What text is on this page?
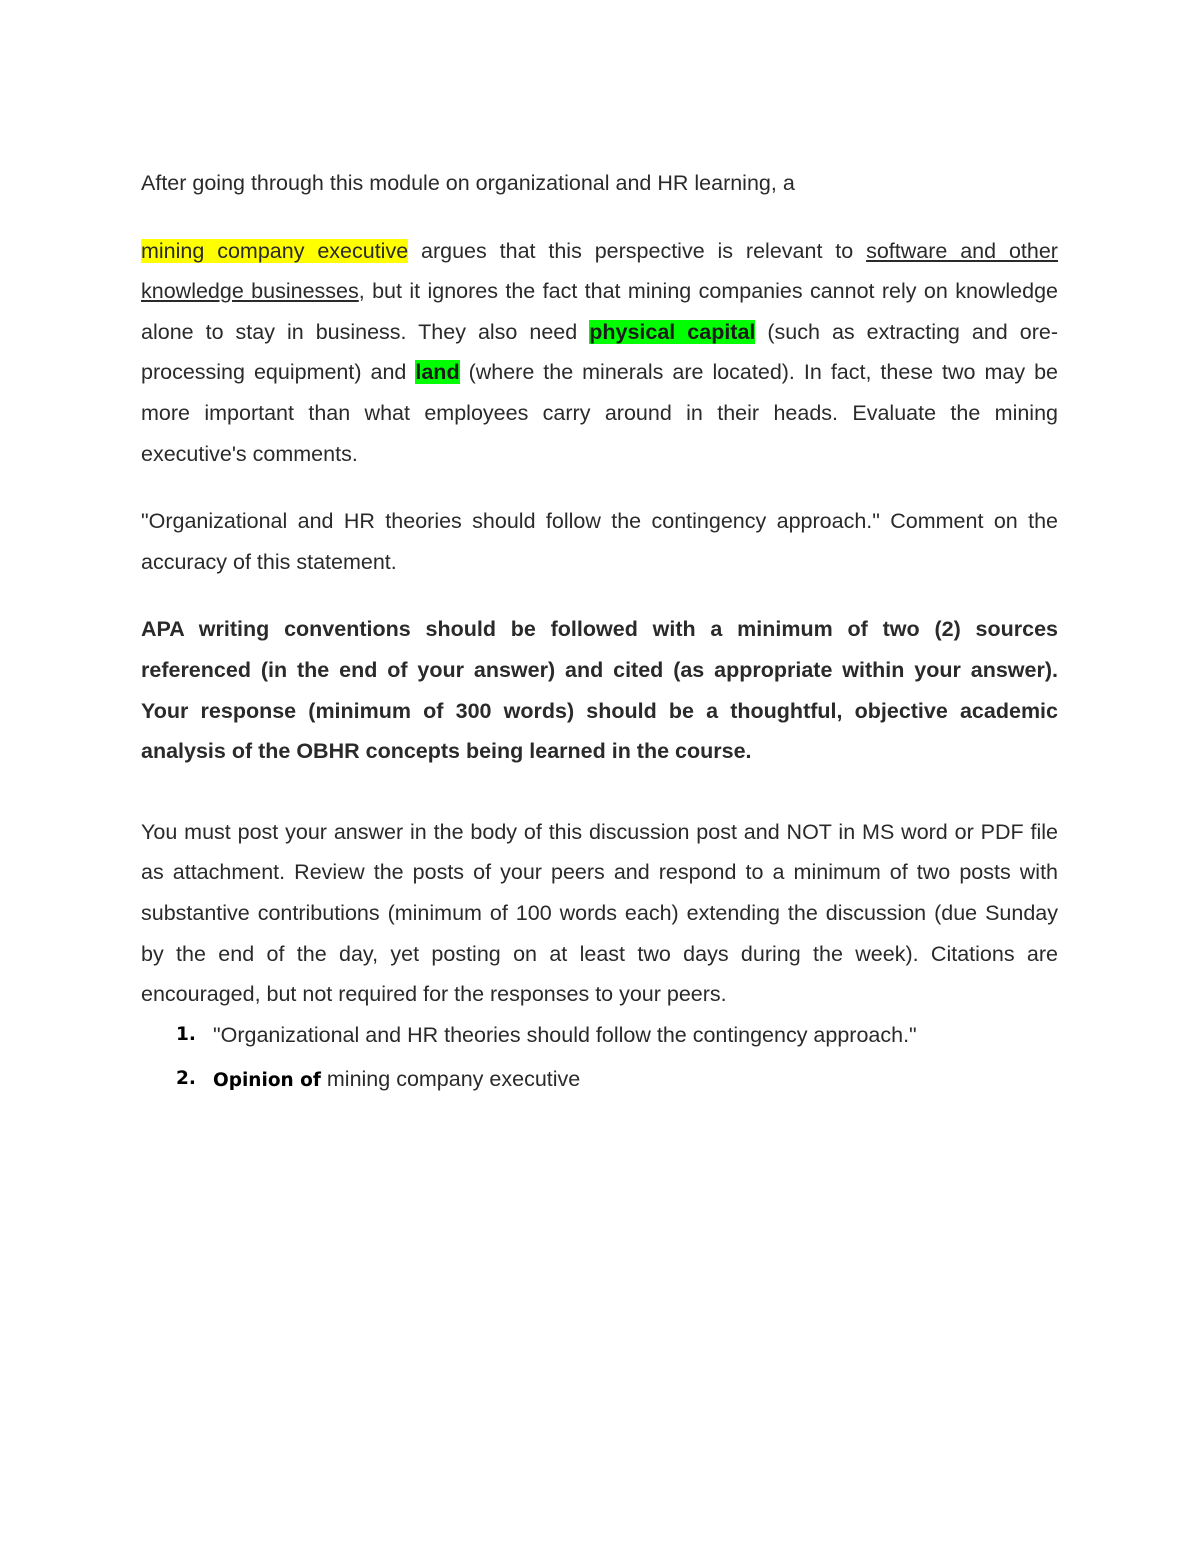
After going through this module on organizational and HR learning, a

mining company executive argues that this perspective is relevant to software and other knowledge businesses, but it ignores the fact that mining companies cannot rely on knowledge alone to stay in business. They also need physical capital (such as extracting and ore-processing equipment) and land (where the minerals are located). In fact, these two may be more important than what employees carry around in their heads. Evaluate the mining executive's comments.

"Organizational and HR theories should follow the contingency approach." Comment on the accuracy of this statement.

APA writing conventions should be followed with a minimum of two (2) sources referenced (in the end of your answer) and cited (as appropriate within your answer). Your response (minimum of 300 words) should be a thoughtful, objective academic analysis of the OBHR concepts being learned in the course.

You must post your answer in the body of this discussion post and NOT in MS word or PDF file as attachment. Review the posts of your peers and respond to a minimum of two posts with substantive contributions (minimum of 100 words each) extending the discussion (due Sunday by the end of the day, yet posting on at least two days during the week). Citations are encouraged, but not required for the responses to your peers.

1. "Organizational and HR theories should follow the contingency approach."
2. Opinion of mining company executive
